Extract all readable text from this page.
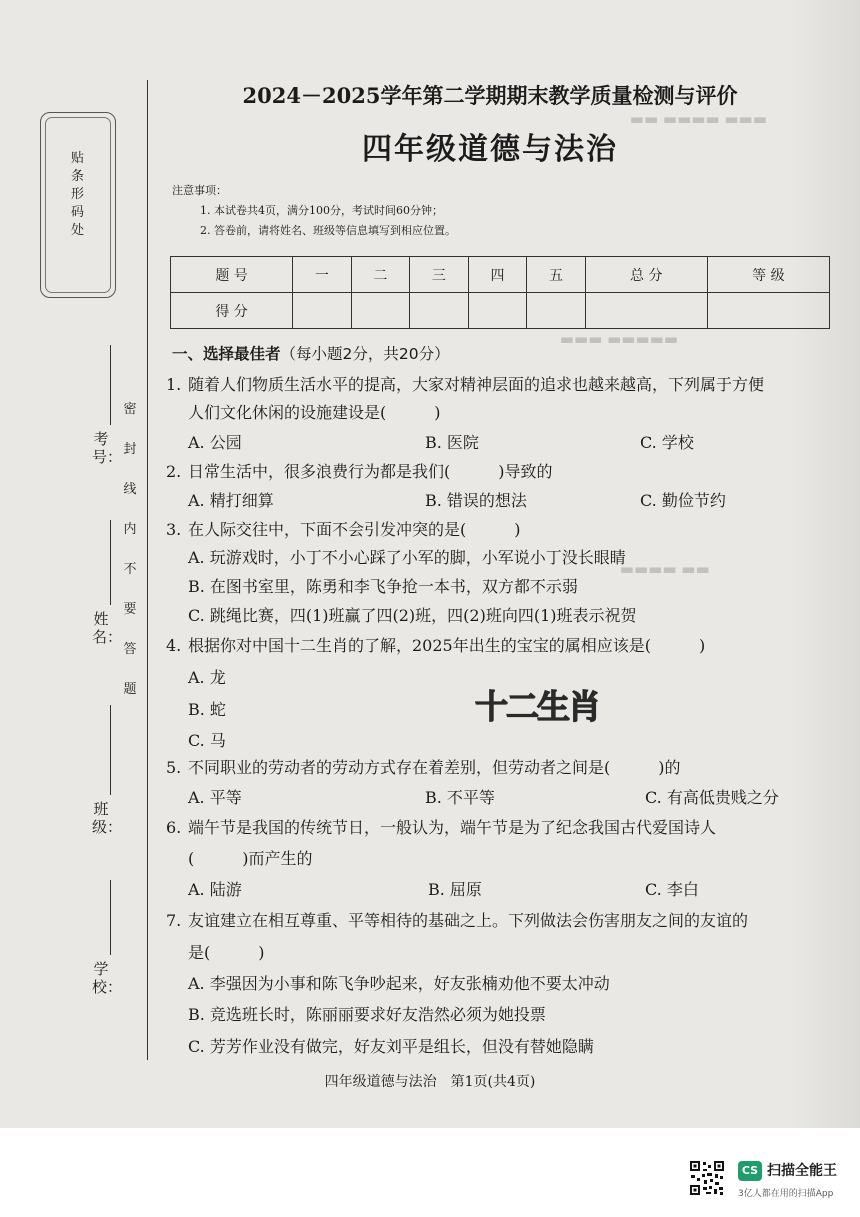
▬▬▬ ▬▬▬▬ ▬▬
▬▬▬▬▬ ▬▬▬
▬▬ ▬▬▬▬
贴条形码处
考号：
姓名：
班级：
学校：
密
封
线
内
不
要
答
题
2024－2025学年第二学期期末教学质量检测与评价
四年级道德与法治
注意事项：
1. 本试卷共4页，满分100分，考试时间60分钟；
2. 答卷前，请将姓名、班级等信息填写到相应位置。
题 号	一	二	三	四	五	总 分	等 级
得 分							
一、选择最佳者（每小题2分，共20分）
1. 随着人们物质生活水平的提高，大家对精神层面的追求也越来越高，下列属于方便
人们文化休闲的设施建设是(　　　)
A. 公园	B. 医院	C. 学校
2. 日常生活中，很多浪费行为都是我们(　　　)导致的
A. 精打细算	B. 错误的想法	C. 勤俭节约
3. 在人际交往中，下面不会引发冲突的是(　　　)
A. 玩游戏时，小丁不小心踩了小军的脚，小军说小丁没长眼睛
B. 在图书室里，陈勇和李飞争抢一本书，双方都不示弱
C. 跳绳比赛，四(1)班赢了四(2)班，四(2)班向四(1)班表示祝贺
4. 根据你对中国十二生肖的了解，2025年出生的宝宝的属相应该是(　　　)
A. 龙
B. 蛇
C. 马
十二生肖
5. 不同职业的劳动者的劳动方式存在着差别，但劳动者之间是(　　　)的
A. 平等	B. 不平等	C. 有高低贵贱之分
6. 端午节是我国的传统节日，一般认为，端午节是为了纪念我国古代爱国诗人
(　　　)而产生的
A. 陆游	B. 屈原	C. 李白
7. 友谊建立在相互尊重、平等相待的基础之上。下列做法会伤害朋友之间的友谊的
是(　　　)
A. 李强因为小事和陈飞争吵起来，好友张楠劝他不要太冲动
B. 竞选班长时，陈丽丽要求好友浩然必须为她投票
C. 芳芳作业没有做完，好友刘平是组长，但没有替她隐瞒
四年级道德与法治　第1页(共4页)
CS 扫描全能王
3亿人都在用的扫描App
